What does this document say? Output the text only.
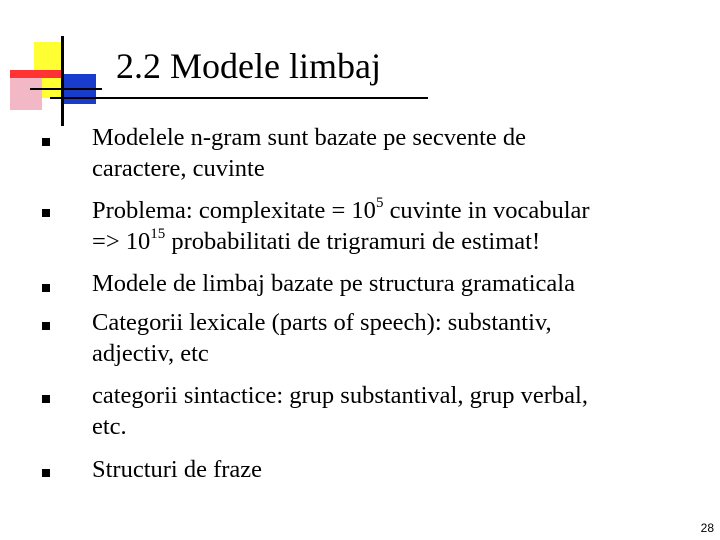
2.2 Modele limbaj
Modelele n-gram sunt bazate pe secvente de
caractere, cuvinte
Problema: complexitate = $10^5$ cuvinte in vocabular
=> $10^{15}$ probabilitati de trigramuri de estimat!
Modele de limbaj bazate pe structura gramaticala
Categorii lexicale (parts of speech): substantiv,
adjectiv, etc
categorii sintactice: grup substantival, grup verbal,
etc.
Structuri de fraze
28
